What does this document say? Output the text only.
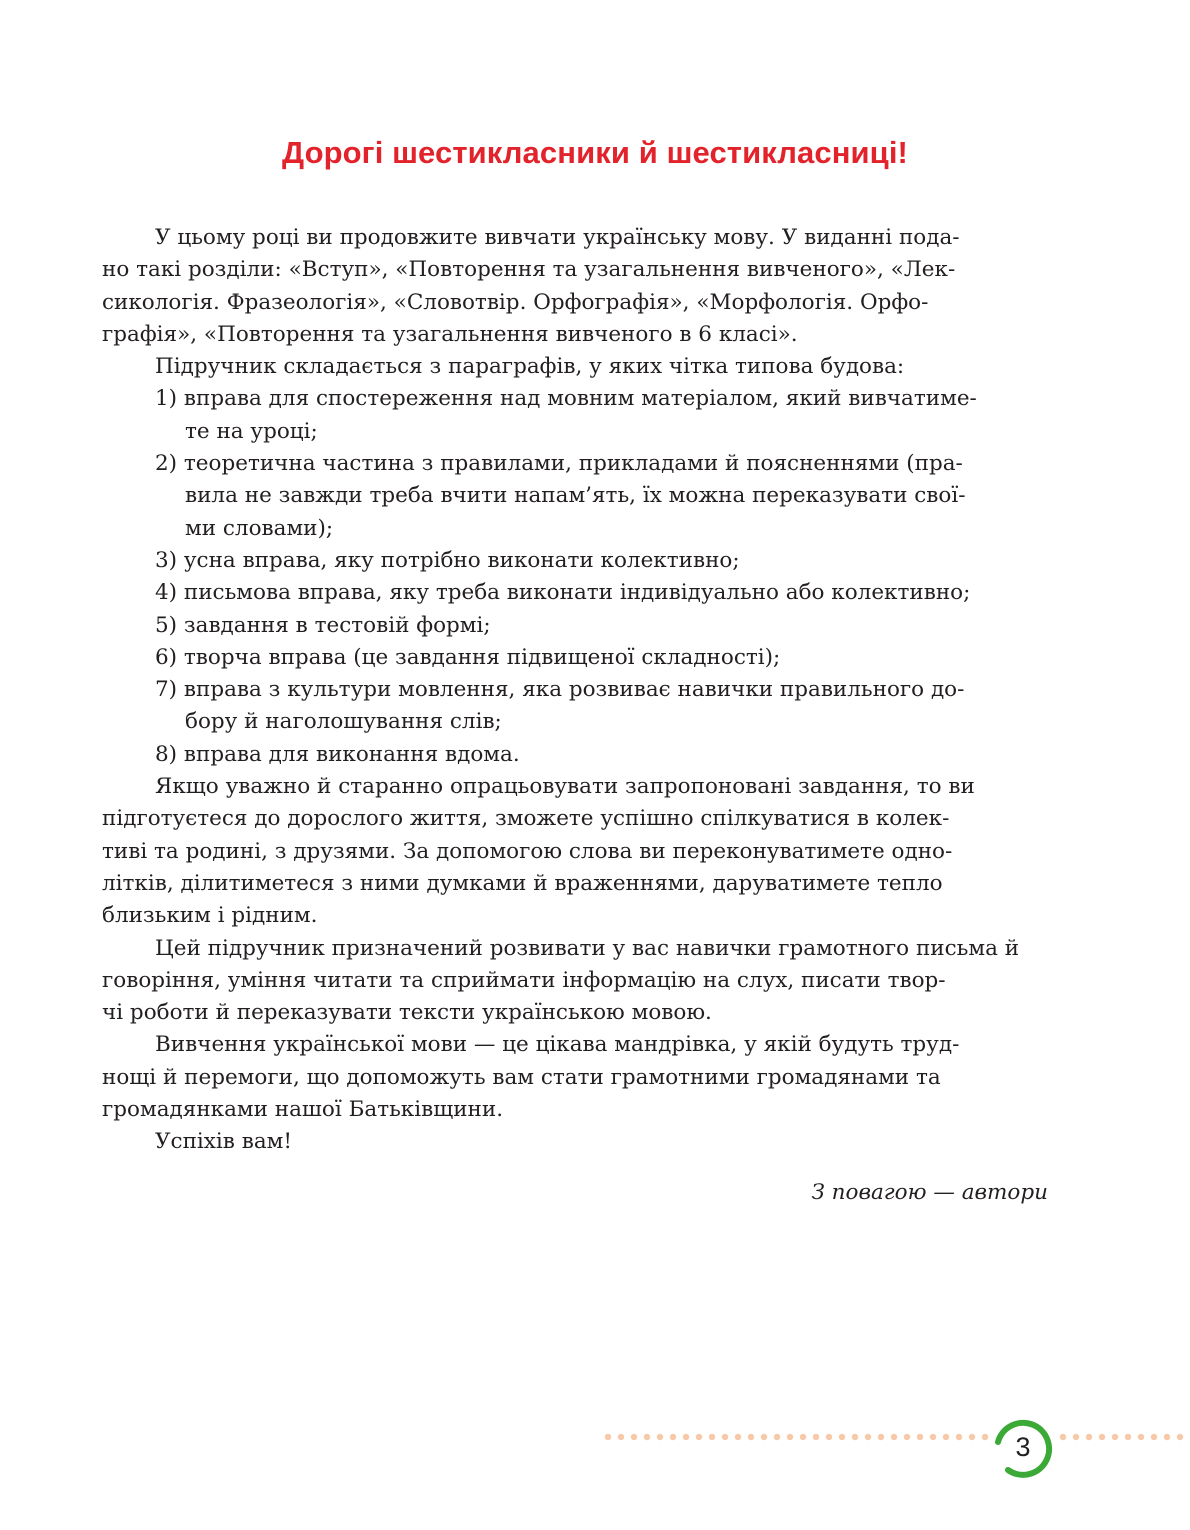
Дорогі шестикласники й шестикласниці!
У цьому році ви продовжите вивчати українську мову. У виданні пода-
но такі розділи: «Вступ», «Повторення та узагальнення вивченого», «Лек-
сикологія. Фразеологія», «Словотвір. Орфографія», «Морфологія. Орфо-
графія», «Повторення та узагальнення вивченого в 6 класі».
Підручник складається з параграфів, у яких чітка типова будова:
1) вправа для спостереження над мовним матеріалом, який вивчатиме-
те на уроці;
2) теоретична частина з правилами, прикладами й поясненнями (пра-
вила не завжди треба вчити напам’ять, їх можна переказувати свої-
ми словами);
3) усна вправа, яку потрібно виконати колективно;
4) письмова вправа, яку треба виконати індивідуально або колективно;
5) завдання в тестовій формі;
6) творча вправа (це завдання підвищеної складності);
7) вправа з культури мовлення, яка розвиває навички правильного до-
бору й наголошування слів;
8) вправа для виконання вдома.
Якщо уважно й старанно опрацьовувати запропоновані завдання, то ви
підготуєтеся до дорослого життя, зможете успішно спілкуватися в колек-
тиві та родині, з друзями. За допомогою слова ви переконуватимете одно-
літків, ділитиметеся з ними думками й враженнями, даруватимете тепло
близьким і рідним.
Цей підручник призначений розвивати у вас навички грамотного письма й
говоріння, уміння читати та сприймати інформацію на слух, писати твор-
чі роботи й переказувати тексти українською мовою.
Вивчення української мови — це цікава мандрівка, у якій будуть труд-
нощі й перемоги, що допоможуть вам стати грамотними громадянами та
громадянками нашої Батьківщини.
Успіхів вам!
З повагою — автори
3
